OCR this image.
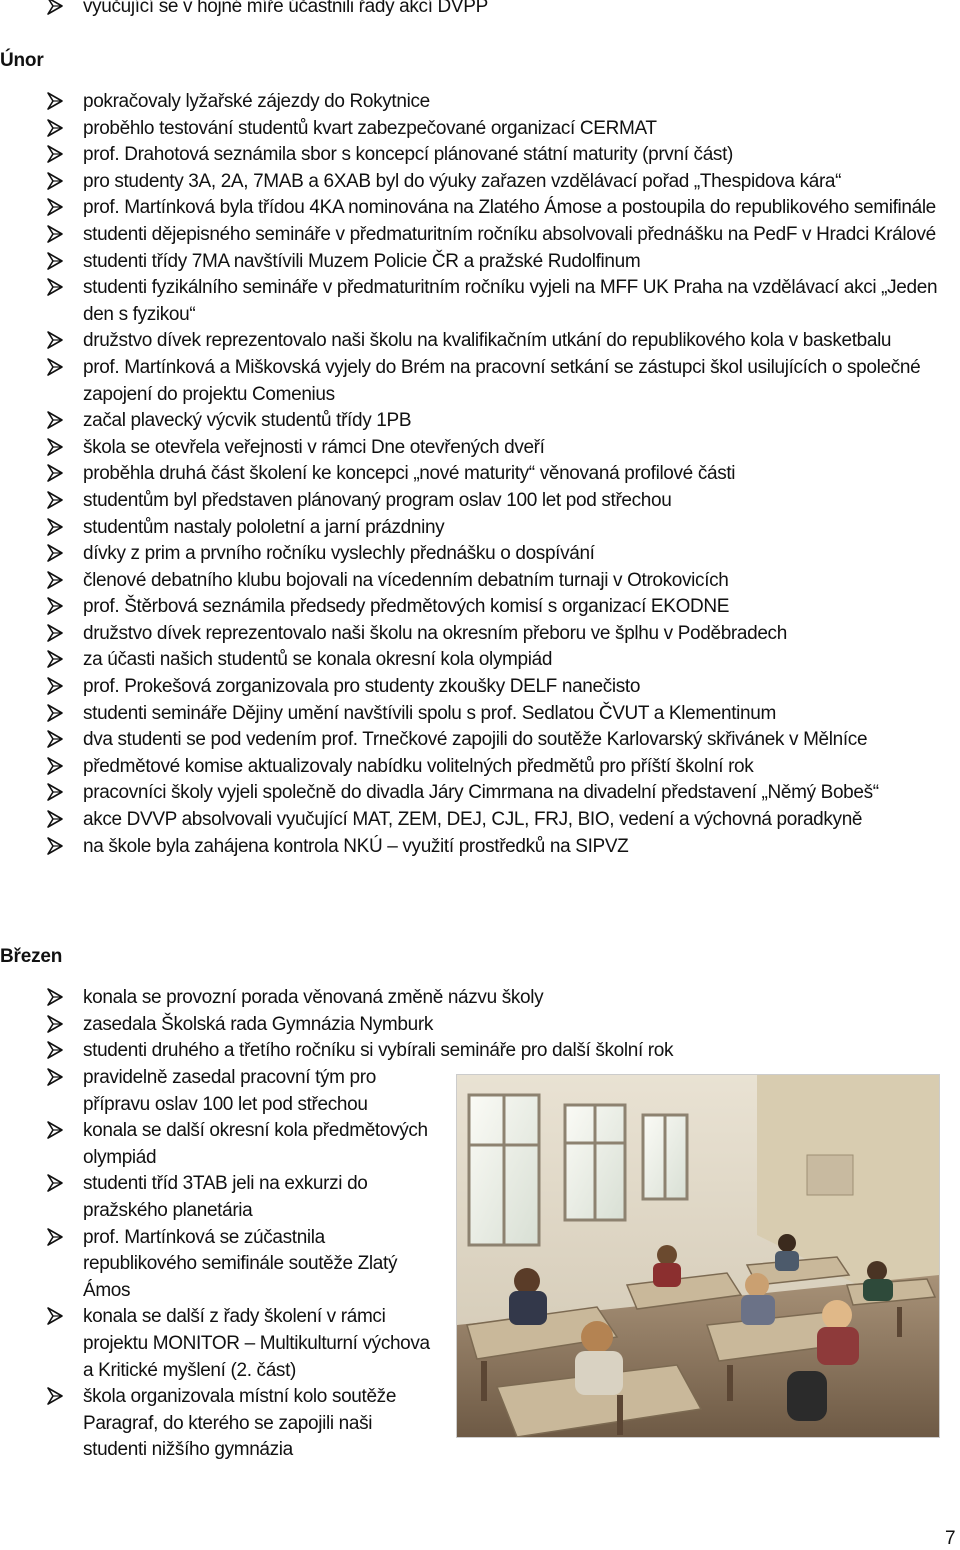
vyučující se v hojné míře účastnili řady akcí DVPP
Únor
pokračovaly lyžařské zájezdy do Rokytnice
proběhlo testování studentů kvart zabezpečované organizací CERMAT
prof. Drahotová seznámila sbor s koncepcí plánované státní maturity (první část)
pro studenty 3A, 2A, 7MAB a 6XAB byl do výuky zařazen vzdělávací pořad „Thespidova kára“
prof. Martínková byla třídou 4KA nominována na Zlatého Ámose a postoupila do republikového semifinále
studenti dějepisného semináře v předmaturitním ročníku absolvovali přednášku na PedF v Hradci Králové
studenti třídy 7MA navštívili Muzem Policie ČR a pražské Rudolfinum
studenti fyzikálního semináře v předmaturitním ročníku vyjeli na MFF UK Praha na vzdělávací akci „Jeden den s fyzikou“
družstvo dívek reprezentovalo naši školu na kvalifikačním utkání do republikového kola v basketbalu
prof. Martínková a Miškovská vyjely do Brém na pracovní setkání se zástupci škol usilujících o společné zapojení do projektu Comenius
začal plavecký výcvik studentů třídy 1PB
škola se otevřela veřejnosti v rámci Dne otevřených dveří
proběhla druhá část školení ke koncepci „nové maturity“ věnovaná profilové části
studentům byl představen plánovaný program oslav 100 let pod střechou
studentům nastaly pololetní a jarní prázdniny
dívky z prim a prvního ročníku vyslechly přednášku o dospívání
členové debatního klubu bojovali na vícedenním debatním turnaji v Otrokovicích
prof. Štěrbová seznámila předsedy předmětových komisí s organizací EKODNE
družstvo dívek reprezentovalo naši školu na okresním přeboru ve šplhu v Poděbradech
za účasti našich studentů se konala okresní kola olympiád
prof. Prokešová zorganizovala pro studenty zkoušky DELF nanečisto
studenti semináře Dějiny umění navštívili spolu s prof. Sedlatou ČVUT a Klementinum
dva studenti se pod vedením prof. Trnečkové zapojili do soutěže Karlovarský skřivánek v Mělníce
předmětové komise aktualizovaly nabídku volitelných předmětů pro příští školní rok
pracovníci školy vyjeli společně do divadla Járy Cimrmana na divadelní představení „Němý Bobeš“
akce DVVP absolvovali vyučující MAT, ZEM, DEJ, CJL, FRJ, BIO, vedení a výchovná poradkyně
na škole byla zahájena kontrola NKÚ – využití prostředků na SIPVZ
Březen
konala se provozní porada věnovaná změně názvu školy
zasedala Školská rada Gymnázia Nymburk
studenti druhého a třetího ročníku si vybírali semináře pro další školní rok
pravidelně zasedal pracovní tým pro přípravu oslav 100 let pod střechou
konala se další okresní kola předmětových olympiád
studenti tříd 3TAB jeli na exkurzi do pražského planetária
prof. Martínková se zúčastnila republikového semifinále soutěže Zlatý Ámos
konala se další z řady školení v rámci projektu MONITOR – Multikulturní výchova a Kritické myšlení (2. část)
škola organizovala místní kolo soutěže Paragraf, do kterého se zapojili naši studenti nižšího gymnázia
7
